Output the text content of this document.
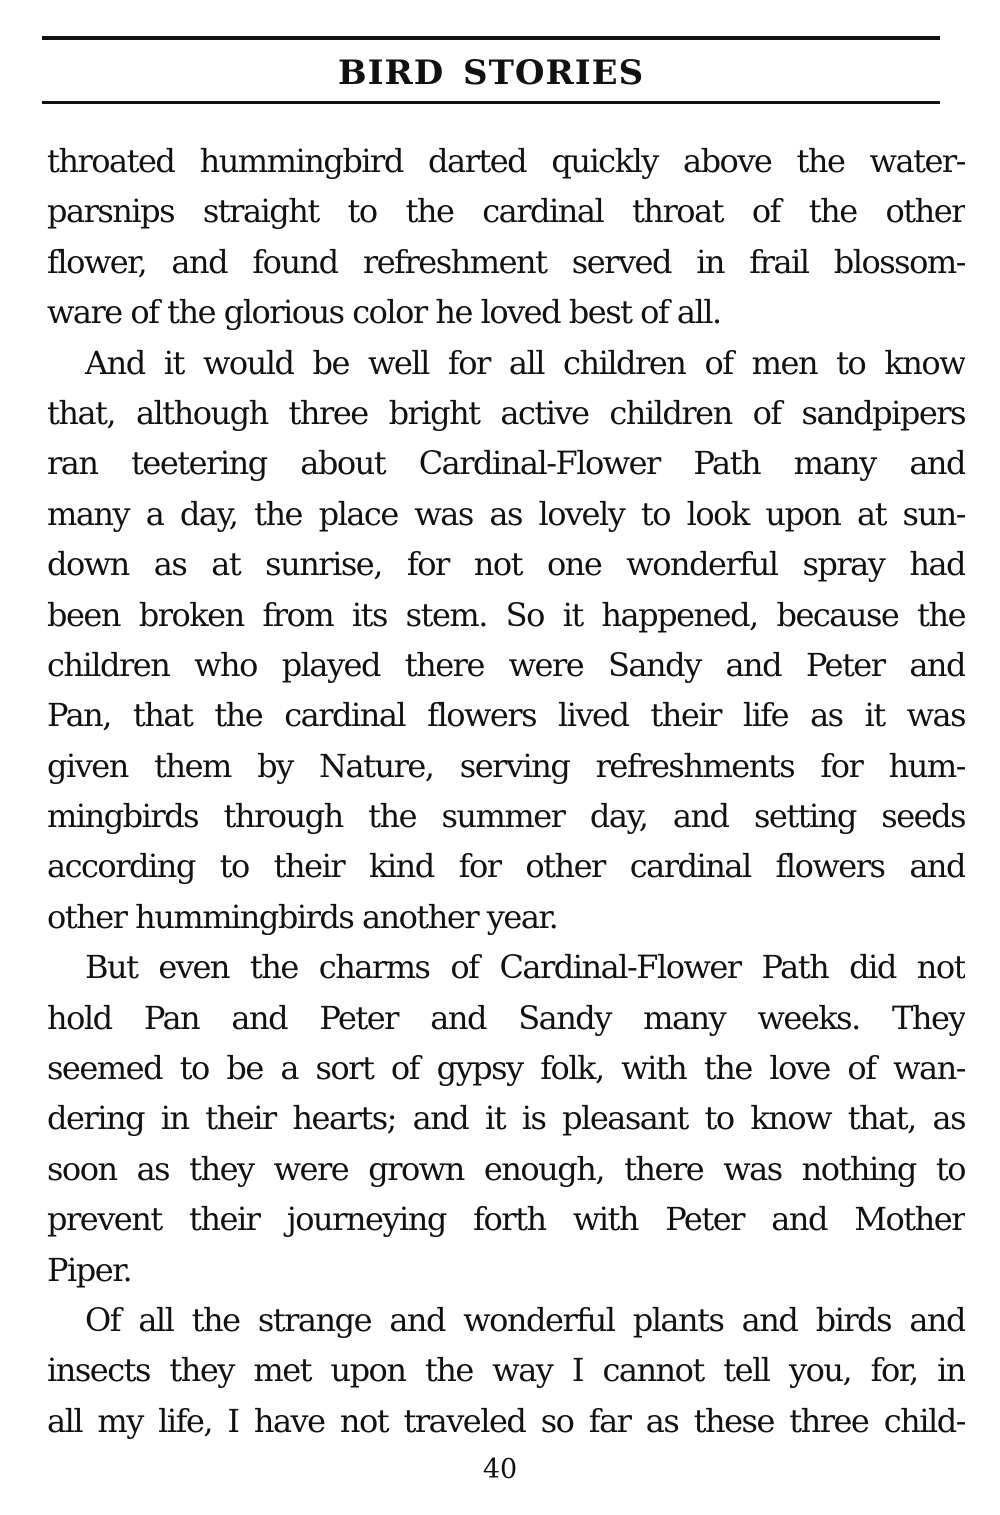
BIRD STORIES
throated hummingbird darted quickly above the water-
parsnips straight to the cardinal throat of the other
flower, and found refreshment served in frail blossom-
ware of the glorious color he loved best of all.
And it would be well for all children of men to know
that, although three bright active children of sandpipers
ran teetering about Cardinal-Flower Path many and
many a day, the place was as lovely to look upon at sun-
down as at sunrise, for not one wonderful spray had
been broken from its stem. So it happened, because the
children who played there were Sandy and Peter and
Pan, that the cardinal flowers lived their life as it was
given them by Nature, serving refreshments for hum-
mingbirds through the summer day, and setting seeds
according to their kind for other cardinal flowers and
other hummingbirds another year.
But even the charms of Cardinal-Flower Path did not
hold Pan and Peter and Sandy many weeks. They
seemed to be a sort of gypsy folk, with the love of wan-
dering in their hearts; and it is pleasant to know that, as
soon as they were grown enough, there was nothing to
prevent their journeying forth with Peter and Mother
Piper.
Of all the strange and wonderful plants and birds and
insects they met upon the way I cannot tell you, for, in
all my life, I have not traveled so far as these three child-
40
